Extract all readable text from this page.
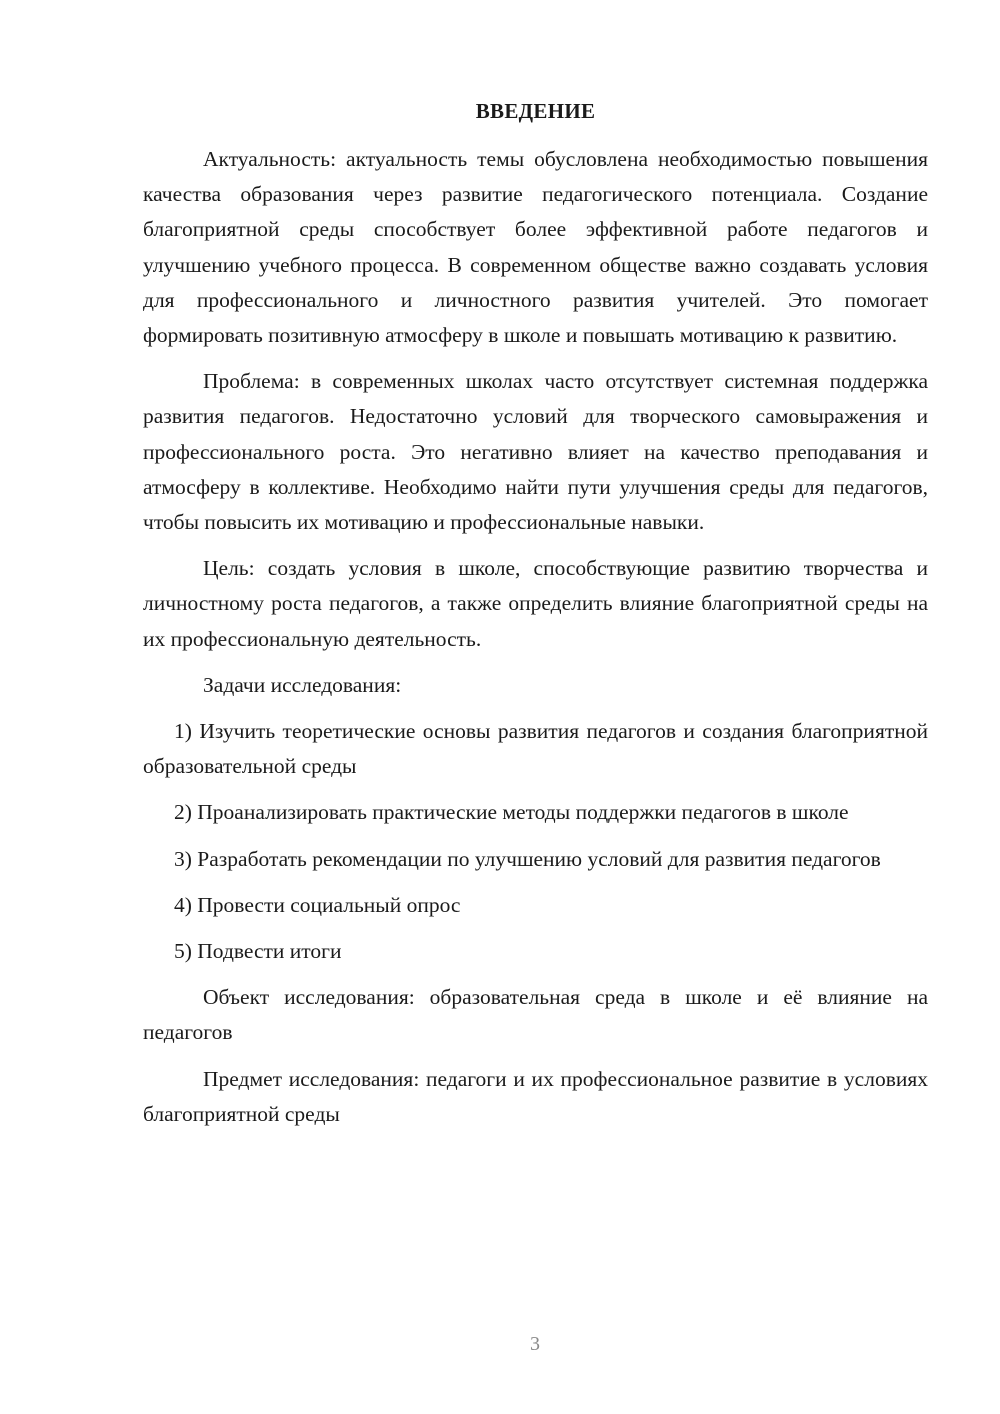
ВВЕДЕНИЕ

Актуальность: актуальность темы обусловлена необходимостью повышения качества образования через развитие педагогического потенциала. Создание благоприятной среды способствует более эффективной работе педагогов и улучшению учебного процесса. В современном обществе важно создавать условия для профессионального и личностного развития учителей. Это помогает формировать позитивную атмосферу в школе и повышать мотивацию к развитию.

Проблема: в современных школах часто отсутствует системная поддержка развития педагогов. Недостаточно условий для творческого самовыражения и профессионального роста. Это негативно влияет на качество преподавания и атмосферу в коллективе. Необходимо найти пути улучшения среды для педагогов, чтобы повысить их мотивацию и профессиональные навыки.

Цель: создать условия в школе, способствующие развитию творчества и личностному роста педагогов, а также определить влияние благоприятной среды на их профессиональную деятельность.

Задачи исследования:

1) Изучить теоретические основы развития педагогов и создания благоприятной образовательной среды

2) Проанализировать практические методы поддержки педагогов в школе

3) Разработать рекомендации по улучшению условий для развития педагогов

4) Провести социальный опрос

5) Подвести итоги

Объект исследования: образовательная среда в школе и её влияние на педагогов

Предмет исследования: педагоги и их профессиональное развитие в условиях благоприятной среды

3
